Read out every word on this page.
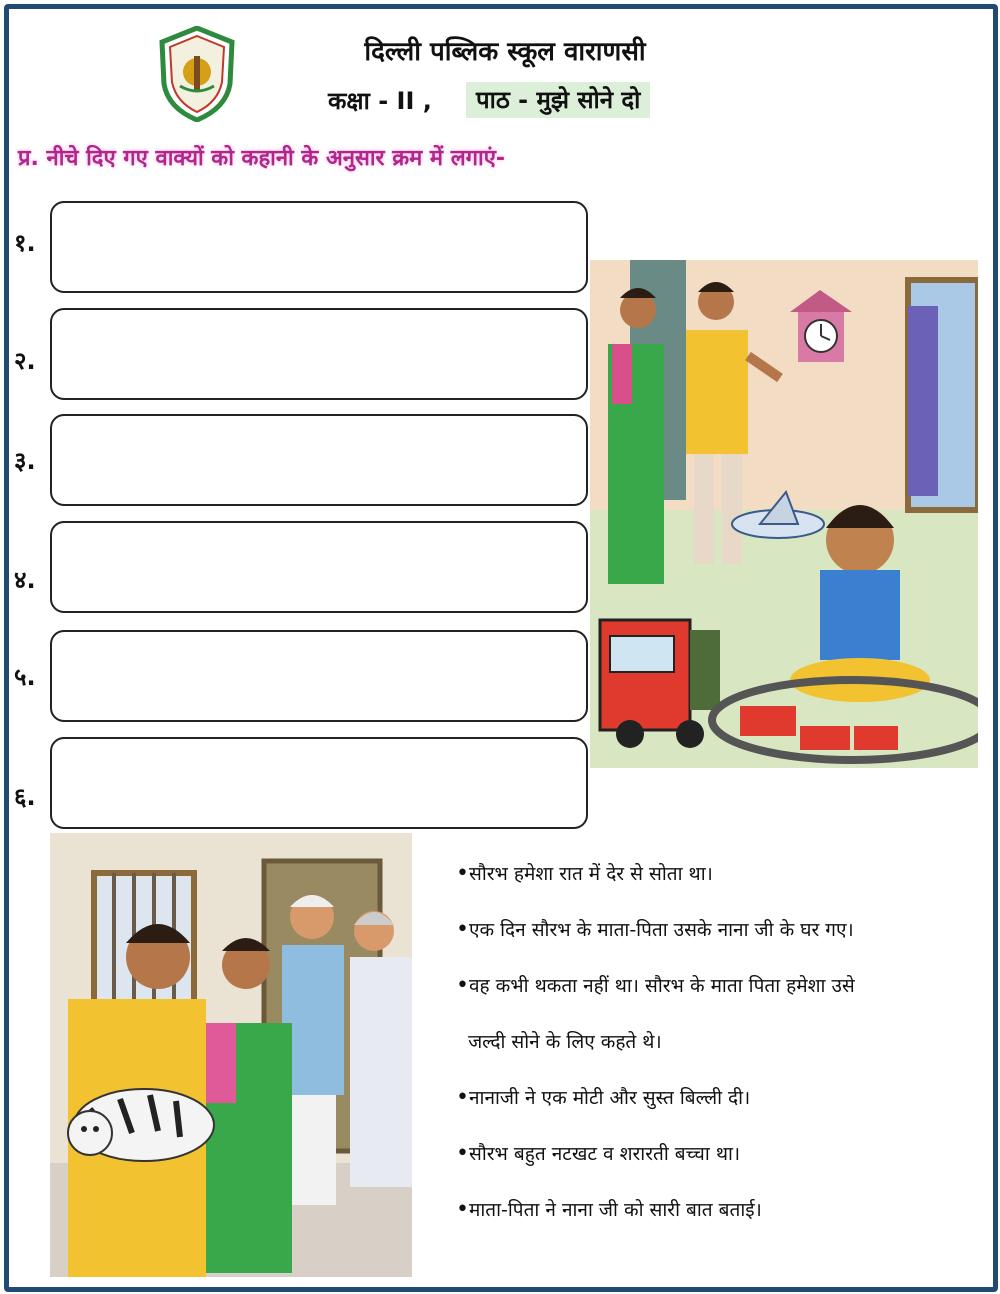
दिल्ली पब्लिक स्कूल वाराणसी
कक्षा - II ,	पाठ - मुझे सोने दो
प्र. नीचे दिए गए वाक्यों को कहानी के अनुसार क्रम में लगाएं-
१.
२.
३.
४.
५.
६.
•सौरभ हमेशा रात में देर से सोता था।
•एक दिन सौरभ के माता-पिता उसके नाना जी के घर गए।
•वह कभी थकता नहीं था। सौरभ के माता पिता हमेशा उसे
जल्दी सोने के लिए कहते थे।
•नानाजी ने एक मोटी और सुस्त बिल्ली दी।
•सौरभ बहुत नटखट व शरारती बच्चा था।
•माता-पिता ने नाना जी को सारी बात बताई।
